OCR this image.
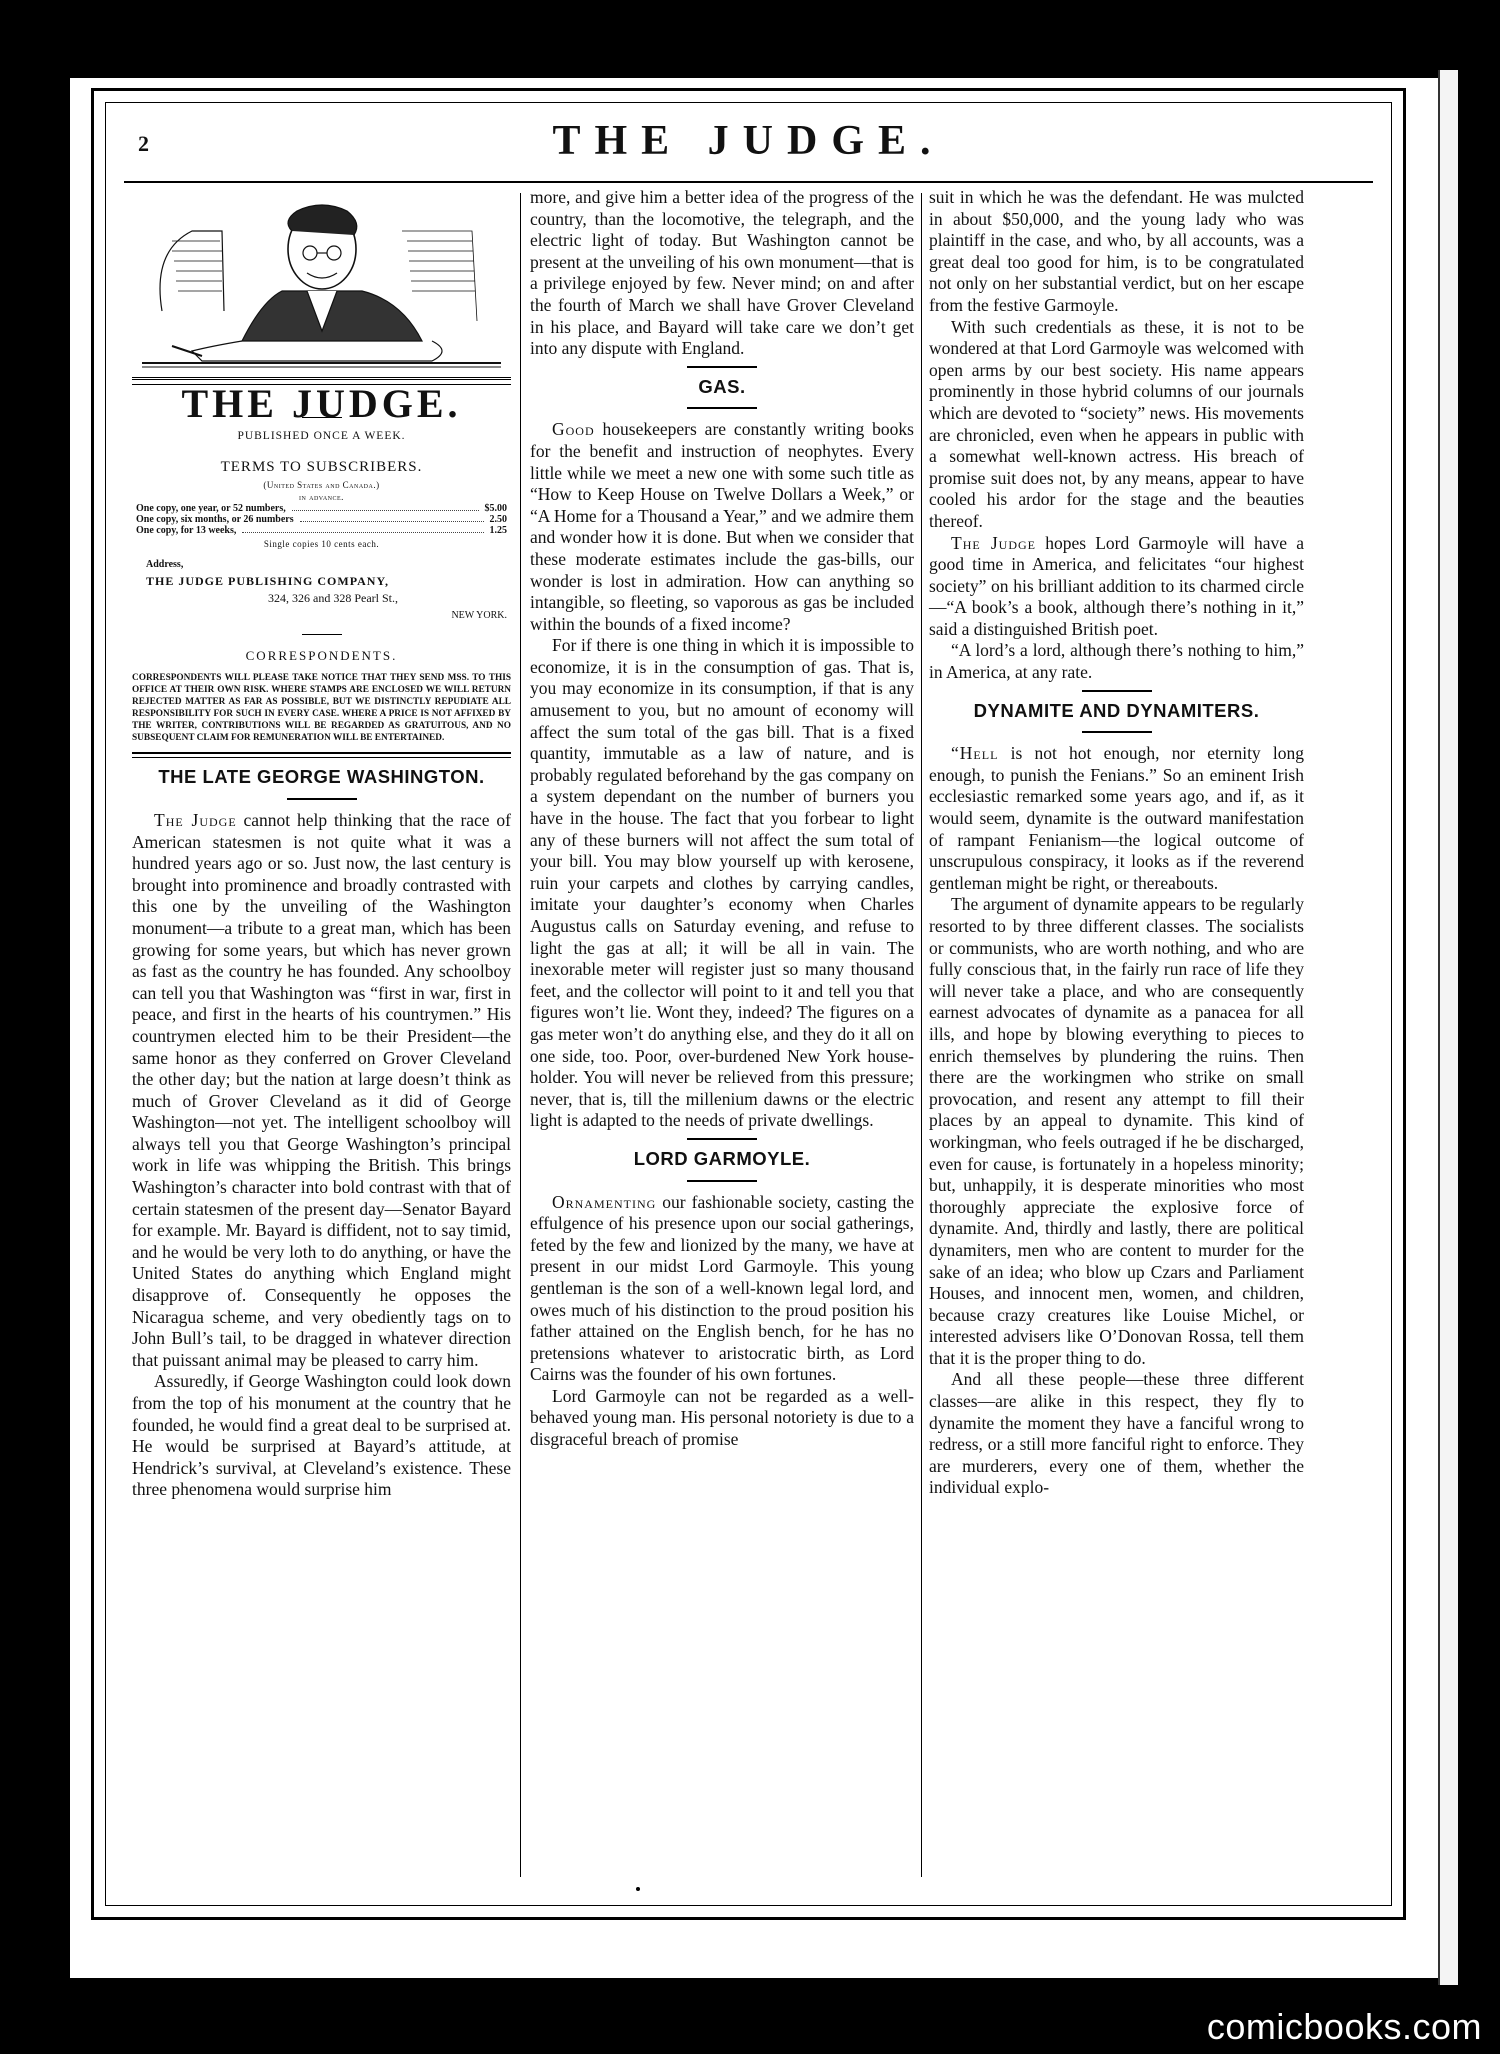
2	THE JUDGE.
THE JUDGE.
PUBLISHED ONCE A WEEK.
TERMS TO SUBSCRIBERS.
(United States and Canada.)
in advance.
One copy, one year, or 52 numbers,	$5.00
One copy, six months, or 26 numbers	2.50
One copy, for 13 weeks,	1.25
Single copies 10 cents each.
Address,
THE JUDGE PUBLISHING COMPANY,
324, 326 and 328 Pearl St.,
NEW YORK.
CORRESPONDENTS.
CORRESPONDENTS WILL PLEASE TAKE NOTICE THAT THEY SEND MSS. TO THIS OFFICE AT THEIR OWN RISK. WHERE STAMPS ARE ENCLOSED WE WILL RETURN REJECTED MATTER AS FAR AS POSSIBLE, BUT WE DISTINCTLY REPUDIATE ALL RESPONSIBILITY FOR SUCH IN EVERY CASE. WHERE A PRICE IS NOT AFFIXED BY THE WRITER, CONTRIBUTIONS WILL BE REGARDED AS GRATUITOUS, AND NO SUBSEQUENT CLAIM FOR REMUNERATION WILL BE ENTERTAINED.
THE LATE GEORGE WASHINGTON.

The Judge cannot help thinking that the race of American statesmen is not quite what it was a hundred years ago or so. Just now, the last century is brought into prominence and broadly contrasted with this one by the unveiling of the Washington monument—a tribute to a great man, which has been growing for some years, but which has never grown as fast as the country he has founded. Any schoolboy can tell you that Washington was “first in war, first in peace, and first in the hearts of his countrymen.” His countrymen elected him to be their President—the same honor as they conferred on Grover Cleveland the other day; but the nation at large doesn’t think as much of Grover Cleveland as it did of George Washington—not yet. The intelligent schoolboy will always tell you that George Washington’s principal work in life was whipping the British. This brings Washington’s character into bold contrast with that of certain statesmen of the present day—Senator Bayard for example. Mr. Bayard is diffident, not to say timid, and he would be very loth to do anything, or have the United States do anything which England might disapprove of. Consequently he opposes the Nicaragua scheme, and very obediently tags on to John Bull’s tail, to be dragged in whatever direction that puissant animal may be pleased to carry him.

Assuredly, if George Washington could look down from the top of his monument at the country that he founded, he would find a great deal to be surprised at. He would be surprised at Bayard’s attitude, at Hendrick’s survival, at Cleveland’s existence. These three phenomena would surprise him

more, and give him a better idea of the progress of the country, than the locomotive, the telegraph, and the electric light of today. But Washington cannot be present at the unveiling of his own monument—that is a privilege enjoyed by few. Never mind; on and after the fourth of March we shall have Grover Cleveland in his place, and Bayard will take care we don’t get into any dispute with England.

GAS.

Good housekeepers are constantly writing books for the benefit and instruction of neophytes. Every little while we meet a new one with some such title as “How to Keep House on Twelve Dollars a Week,” or “A Home for a Thousand a Year,” and we admire them and wonder how it is done. But when we consider that these moderate estimates include the gas-bills, our wonder is lost in admiration. How can anything so intangible, so fleeting, so vaporous as gas be included within the bounds of a fixed income?

For if there is one thing in which it is impossible to economize, it is in the consumption of gas. That is, you may economize in its consumption, if that is any amusement to you, but no amount of economy will affect the sum total of the gas bill. That is a fixed quantity, immutable as a law of nature, and is probably regulated beforehand by the gas company on a system dependant on the number of burners you have in the house. The fact that you forbear to light any of these burners will not affect the sum total of your bill. You may blow yourself up with kerosene, ruin your carpets and clothes by carrying candles, imitate your daughter’s economy when Charles Augustus calls on Saturday evening, and refuse to light the gas at all; it will be all in vain. The inexorable meter will register just so many thousand feet, and the collector will point to it and tell you that figures won’t lie. Wont they, indeed? The figures on a gas meter won’t do anything else, and they do it all on one side, too. Poor, over-burdened New York house-holder. You will never be relieved from this pressure; never, that is, till the millenium dawns or the electric light is adapted to the needs of private dwellings.

LORD GARMOYLE.

Ornamenting our fashionable society, casting the effulgence of his presence upon our social gatherings, feted by the few and lionized by the many, we have at present in our midst Lord Garmoyle. This young gentleman is the son of a well-known legal lord, and owes much of his distinction to the proud position his father attained on the English bench, for he has no pretensions whatever to aristocratic birth, as Lord Cairns was the founder of his own fortunes.

Lord Garmoyle can not be regarded as a well-behaved young man. His personal notoriety is due to a disgraceful breach of promise

suit in which he was the defendant. He was mulcted in about $50,000, and the young lady who was plaintiff in the case, and who, by all accounts, was a great deal too good for him, is to be congratulated not only on her substantial verdict, but on her escape from the festive Garmoyle.

With such credentials as these, it is not to be wondered at that Lord Garmoyle was welcomed with open arms by our best society. His name appears prominently in those hybrid columns of our journals which are devoted to “society” news. His movements are chronicled, even when he appears in public with a somewhat well-known actress. His breach of promise suit does not, by any means, appear to have cooled his ardor for the stage and the beauties thereof.

The Judge hopes Lord Garmoyle will have a good time in America, and felicitates “our highest society” on his brilliant addition to its charmed circle—“A book’s a book, although there’s nothing in it,” said a distinguished British poet.

“A lord’s a lord, although there’s nothing to him,” in America, at any rate.

DYNAMITE AND DYNAMITERS.

“Hell is not hot enough, nor eternity long enough, to punish the Fenians.” So an eminent Irish ecclesiastic remarked some years ago, and if, as it would seem, dynamite is the outward manifestation of rampant Fenianism—the logical outcome of unscrupulous conspiracy, it looks as if the reverend gentleman might be right, or thereabouts.

The argument of dynamite appears to be regularly resorted to by three different classes. The socialists or communists, who are worth nothing, and who are fully conscious that, in the fairly run race of life they will never take a place, and who are consequently earnest advocates of dynamite as a panacea for all ills, and hope by blowing everything to pieces to enrich themselves by plundering the ruins. Then there are the workingmen who strike on small provocation, and resent any attempt to fill their places by an appeal to dynamite. This kind of workingman, who feels outraged if he be discharged, even for cause, is fortunately in a hopeless minority; but, unhappily, it is desperate minorities who most thoroughly appreciate the explosive force of dynamite. And, thirdly and lastly, there are political dynamiters, men who are content to murder for the sake of an idea; who blow up Czars and Parliament Houses, and innocent men, women, and children, because crazy creatures like Louise Michel, or interested advisers like O’Donovan Rossa, tell them that it is the proper thing to do.

And all these people—these three different classes—are alike in this respect, they fly to dynamite the moment they have a fanciful wrong to redress, or a still more fanciful right to enforce. They are murderers, every one of them, whether the individual explo-

comicbooks.com
